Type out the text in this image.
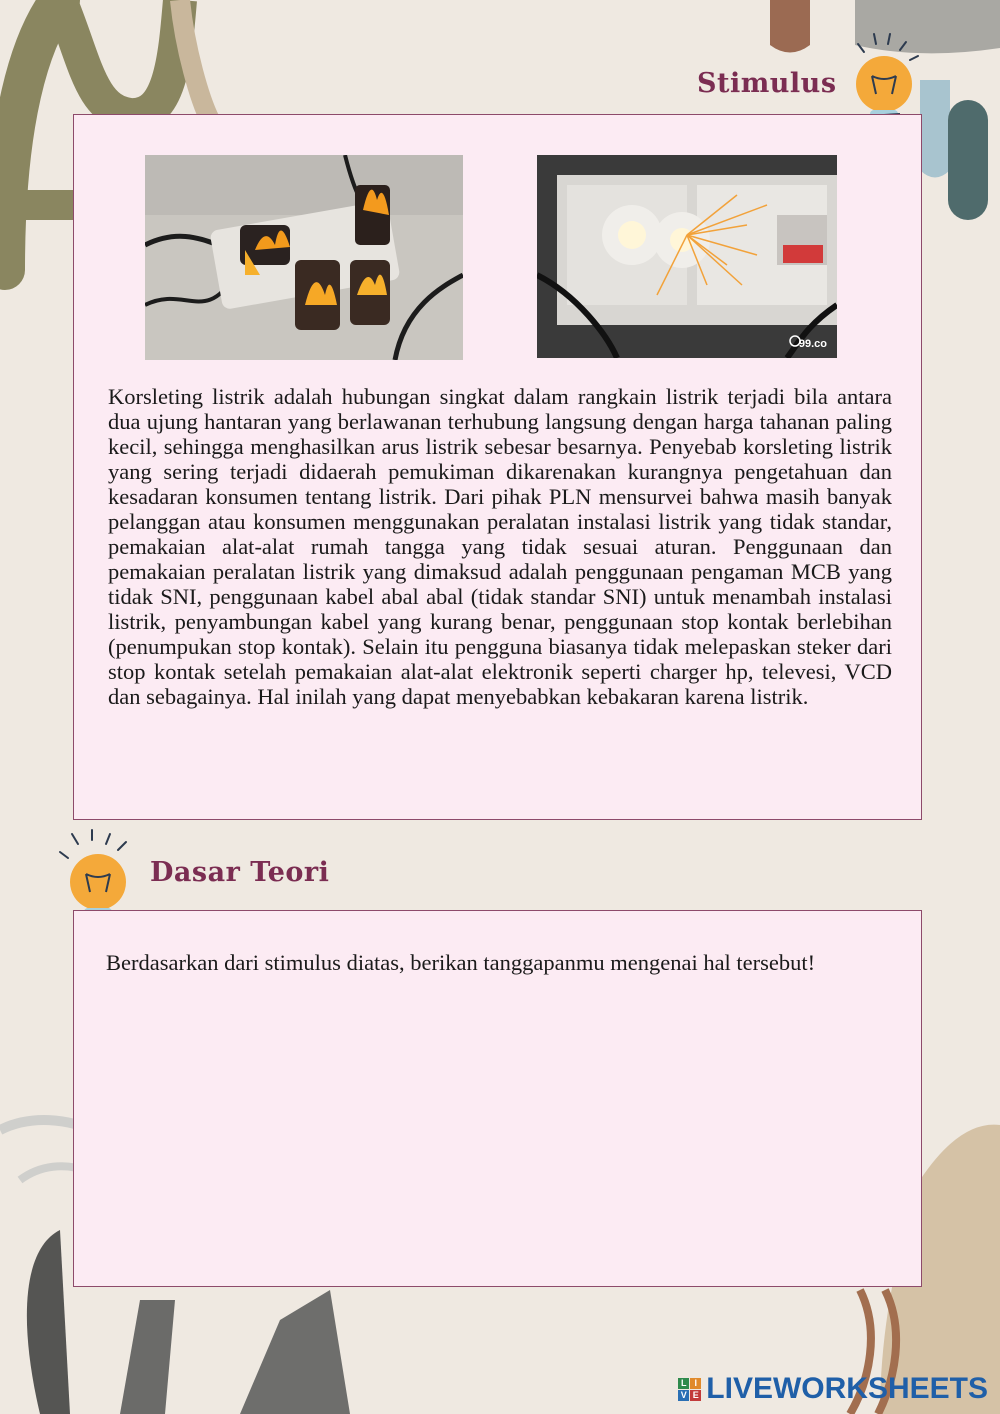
Stimulus
99.co
Korsleting listrik adalah hubungan singkat dalam rangkain listrik terjadi bila antara dua ujung hantaran yang berlawanan terhubung langsung dengan harga tahanan paling kecil, sehingga menghasilkan arus listrik sebesar besarnya. Penyebab korsleting listrik yang sering terjadi didaerah pemukiman dikarenakan kurangnya pengetahuan dan kesadaran konsumen tentang listrik. Dari pihak PLN mensurvei bahwa masih banyak pelanggan atau konsumen menggunakan peralatan instalasi listrik yang tidak standar, pemakaian alat-alat rumah tangga yang tidak sesuai aturan. Penggunaan dan pemakaian peralatan listrik yang dimaksud adalah penggunaan pengaman MCB yang tidak SNI, penggunaan kabel abal abal (tidak standar SNI) untuk menambah instalasi listrik, penyambungan kabel yang kurang benar, penggunaan stop kontak berlebihan (penumpukan stop kontak). Selain itu pengguna biasanya tidak melepaskan steker dari stop kontak setelah pemakaian alat-alat elektronik seperti charger hp, televesi, VCD dan sebagainya. Hal inilah yang dapat menyebabkan kebakaran karena listrik.
Dasar Teori
Berdasarkan dari stimulus diatas, berikan tanggapanmu mengenai hal tersebut!
L I
V E LIVEWORKSHEETS
